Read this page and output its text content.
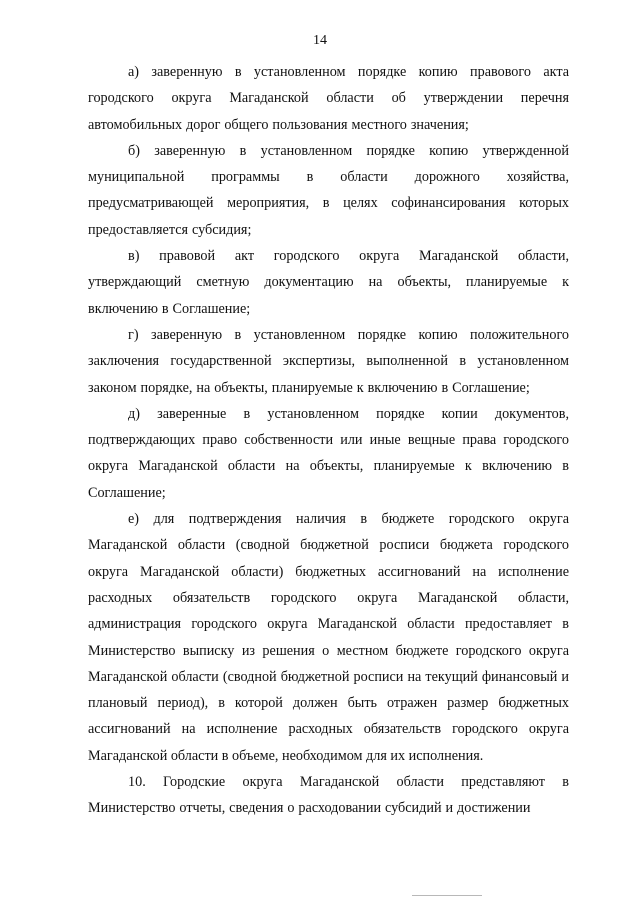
14

а) заверенную в установленном порядке копию правового акта городского округа Магаданской области об утверждении перечня автомобильных дорог общего пользования местного значения;

б) заверенную в установленном порядке копию утвержденной муниципальной программы в области дорожного хозяйства, предусматривающей мероприятия, в целях софинансирования которых предоставляется субсидия;

в) правовой акт городского округа Магаданской области, утверждающий сметную документацию на объекты, планируемые к включению в Соглашение;

г) заверенную в установленном порядке копию положительного заключения государственной экспертизы, выполненной в установленном законом порядке, на объекты, планируемые к включению в Соглашение;

д) заверенные в установленном порядке копии документов, подтверждающих право собственности или иные вещные права городского округа Магаданской области на объекты, планируемые к включению в Соглашение;

е) для подтверждения наличия в бюджете городского округа Магаданской области (сводной бюджетной росписи бюджета городского округа Магаданской области) бюджетных ассигнований на исполнение расходных обязательств городского округа Магаданской области, администрация городского округа Магаданской области предоставляет в Министерство выписку из решения о местном бюджете городского округа Магаданской области (сводной бюджетной росписи на текущий финансовый и плановый период), в которой должен быть отражен размер бюджетных ассигнований на исполнение расходных обязательств городского округа Магаданской области в объеме, необходимом для их исполнения.

10. Городские округа Магаданской области представляют в Министерство отчеты, сведения о расходовании субсидий и достижении
